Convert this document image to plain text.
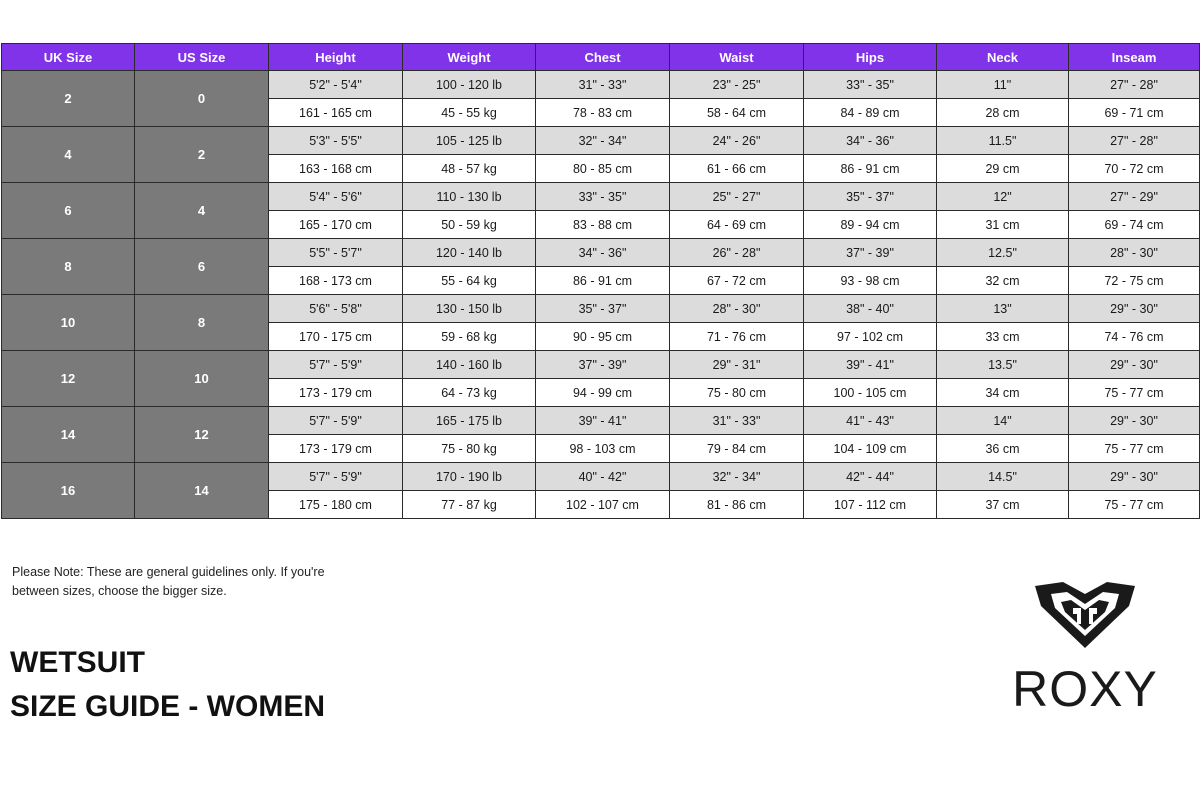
UK Size	US Size	Height	Weight	Chest	Waist	Hips	Neck	Inseam
2	0	5'2" - 5'4"	100 - 120 lb	31" - 33"	23" - 25"	33" - 35"	11"	27" - 28"
		161 - 165 cm	45 - 55 kg	78 - 83 cm	58 - 64 cm	84 - 89 cm	28 cm	69 - 71 cm
4	2	5'3" - 5'5"	105 - 125 lb	32" - 34"	24" - 26"	34" - 36"	11.5"	27" - 28"
		163 - 168 cm	48 - 57 kg	80 - 85 cm	61 - 66 cm	86 - 91 cm	29 cm	70 - 72 cm
6	4	5'4" - 5'6"	110 - 130 lb	33" - 35"	25" - 27"	35" - 37"	12"	27" - 29"
		165 - 170 cm	50 - 59 kg	83 - 88 cm	64 - 69 cm	89 - 94 cm	31 cm	69 - 74 cm
8	6	5'5" - 5'7"	120 - 140 lb	34" - 36"	26" - 28"	37" - 39"	12.5"	28" - 30"
		168 - 173 cm	55 - 64 kg	86 - 91 cm	67 - 72 cm	93 - 98 cm	32 cm	72 - 75 cm
10	8	5'6" - 5'8"	130 - 150 lb	35" - 37"	28" - 30"	38" - 40"	13"	29" - 30"
		170 - 175 cm	59 - 68 kg	90 - 95 cm	71 - 76 cm	97 - 102 cm	33 cm	74 - 76 cm
12	10	5'7" - 5'9"	140 - 160 lb	37" - 39"	29" - 31"	39" - 41"	13.5"	29" - 30"
		173 - 179 cm	64 - 73 kg	94 - 99 cm	75 - 80 cm	100 - 105 cm	34 cm	75 - 77 cm
14	12	5'7" - 5'9"	165 - 175 lb	39" - 41"	31" - 33"	41" - 43"	14"	29" - 30"
		173 - 179 cm	75 - 80 kg	98 - 103 cm	79 - 84 cm	104 - 109 cm	36 cm	75 - 77 cm
16	14	5'7" - 5'9"	170 - 190 lb	40" - 42"	32" - 34"	42" - 44"	14.5"	29" - 30"
		175 - 180 cm	77 - 87 kg	102 - 107 cm	81 - 86 cm	107 - 112 cm	37 cm	75 - 77 cm
Please Note: These are general guidelines only. If you're
between sizes, choose the bigger size.
WETSUIT
SIZE GUIDE - WOMEN	ROXY
